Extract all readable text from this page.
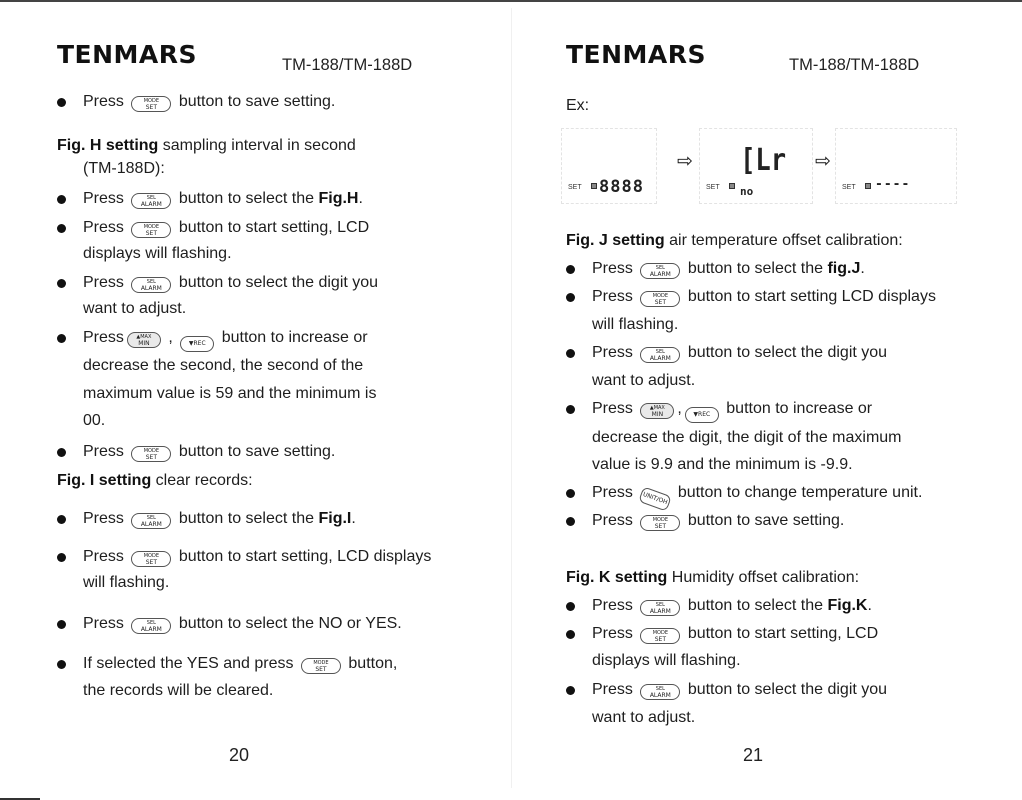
TENMARS	TM-188/TM-188D
Press	MODE
SET	button to save setting.
Fig. H setting sampling interval in second
(TM-188D):
Press	SEL
ALARM	button to select the Fig.H.
Press	MODE
SET	button to start setting, LCD
displays will flashing.
Press	SEL
ALARM	button to select the digit you
want to adjust.
Press	▲MAX
MIN	,	▼REC	button to increase or
decrease the second, the second of the
maximum value is 59 and the minimum is
00.
Press	MODE
SET	button to save setting.
Fig. I setting clear records:
Press	SEL
ALARM	button to select the Fig.I.
Press	MODE
SET	button to start setting, LCD displays
will flashing.
Press	SEL
ALARM	button to select the NO or YES.
If selected the YES and press	MODE
SET	button,
the records will be cleared.
20
TENMARS	TM-188/TM-188D
Ex:
SET 8888
⇨
SET
[Lr
no
⇨
SET ----
Fig. J setting air temperature offset calibration:
Press	SEL
ALARM	button to select the fig.J.
Press	MODE
SET	button to start setting LCD displays
will flashing.
Press	SEL
ALARM	button to select the digit you
want to adjust.
Press	▲MAX
MIN ,	▼REC	button to increase or
decrease the digit, the digit of the maximum
value is 9.9 and the minimum is -9.9.
Press	UNIT/OH button to change temperature unit.
Press	MODE
SET	button to save setting.
Fig. K setting Humidity offset calibration:
Press	SEL
ALARM	button to select the Fig.K.
Press	MODE
SET	button to start setting, LCD
displays will flashing.
Press	SEL
ALARM	button to select the digit you
want to adjust.
21
